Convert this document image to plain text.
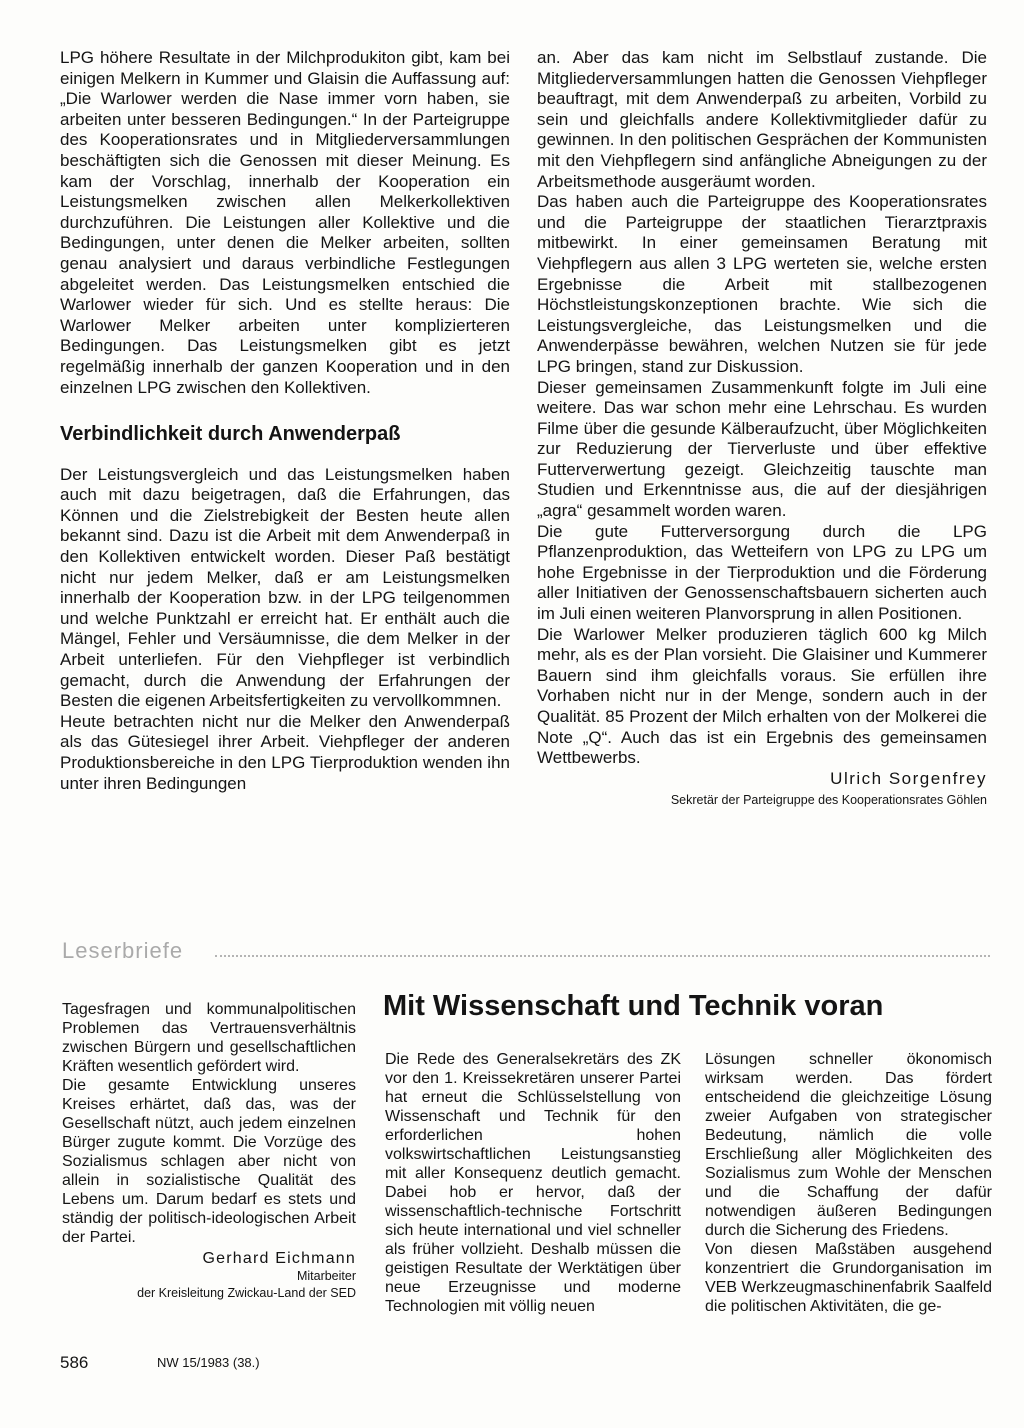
LPG höhere Resultate in der Milchprodukiton gibt, kam bei einigen Melkern in Kummer und Glaisin die Auffassung auf: „Die Warlower werden die Nase immer vorn haben, sie arbeiten unter besseren Bedingungen.“ In der Parteigruppe des Kooperationsrates und in Mitgliederversammlungen beschäftigten sich die Genossen mit dieser Meinung. Es kam der Vorschlag, innerhalb der Kooperation ein Leistungsmelken zwischen allen Melkerkollektiven durchzuführen. Die Leistungen aller Kollektive und die Bedingungen, unter denen die Melker arbeiten, sollten genau analysiert und daraus verbindliche Festlegungen abgeleitet werden. Das Leistungsmelken entschied die Warlower wieder für sich. Und es stellte heraus: Die Warlower Melker arbeiten unter komplizierteren Bedingungen. Das Leistungsmelken gibt es jetzt regelmäßig innerhalb der ganzen Kooperation und in den einzelnen LPG zwischen den Kollektiven.

Verbindlichkeit durch Anwenderpaß

Der Leistungsvergleich und das Leistungsmelken haben auch mit dazu beigetragen, daß die Erfahrungen, das Können und die Zielstrebigkeit der Besten heute allen bekannt sind. Dazu ist die Arbeit mit dem Anwenderpaß in den Kollektiven entwickelt worden. Dieser Paß bestätigt nicht nur jedem Melker, daß er am Leistungsmelken innerhalb der Kooperation bzw. in der LPG teilgenommen und welche Punktzahl er erreicht hat. Er enthält auch die Mängel, Fehler und Versäumnisse, die dem Melker in der Arbeit unterliefen. Für den Viehpfleger ist verbindlich gemacht, durch die Anwendung der Erfahrungen der Besten die eigenen Arbeitsfertigkeiten zu vervollkommnen.

Heute betrachten nicht nur die Melker den Anwenderpaß als das Gütesiegel ihrer Arbeit. Viehpfleger der anderen Produktionsbereiche in den LPG Tierproduktion wenden ihn unter ihren Bedingungen

an. Aber das kam nicht im Selbstlauf zustande. Die Mitgliederversammlungen hatten die Genossen Viehpfleger beauftragt, mit dem Anwenderpaß zu arbeiten, Vorbild zu sein und gleichfalls andere Kollektivmitglieder dafür zu gewinnen. In den politischen Gesprächen der Kommunisten mit den Viehpflegern sind anfängliche Abneigungen zu der Arbeitsmethode ausgeräumt worden.

Das haben auch die Parteigruppe des Kooperationsrates und die Parteigruppe der staatlichen Tierarztpraxis mitbewirkt. In einer gemeinsamen Beratung mit Viehpflegern aus allen 3 LPG werteten sie, welche ersten Ergebnisse die Arbeit mit stallbezogenen Höchstleistungskonzeptionen brachte. Wie sich die Leistungsvergleiche, das Leistungsmelken und die Anwenderpässe bewähren, welchen Nutzen sie für jede LPG bringen, stand zur Diskussion.

Dieser gemeinsamen Zusammenkunft folgte im Juli eine weitere. Das war schon mehr eine Lehrschau. Es wurden Filme über die gesunde Kälberaufzucht, über Möglichkeiten zur Reduzierung der Tierverluste und über effektive Futterverwertung gezeigt. Gleichzeitig tauschte man Studien und Erkenntnisse aus, die auf der diesjährigen „agra“ gesammelt worden waren.

Die gute Futterversorgung durch die LPG Pflanzenproduktion, das Wetteifern von LPG zu LPG um hohe Ergebnisse in der Tierproduktion und die Förderung aller Initiativen der Genossenschaftsbauern sicherten auch im Juli einen weiteren Planvorsprung in allen Positionen.

Die Warlower Melker produzieren täglich 600 kg Milch mehr, als es der Plan vorsieht. Die Glaisiner und Kummerer Bauern sind ihm gleichfalls voraus. Sie erfüllen ihre Vorhaben nicht nur in der Menge, sondern auch in der Qualität. 85 Prozent der Milch erhalten von der Molkerei die Note „Q“. Auch das ist ein Ergebnis des gemeinsamen Wettbewerbs.

Ulrich Sorgenfrey
Sekretär der Parteigruppe des Kooperationsrates Göhlen
Leserbriefe

Tagesfragen und kommunalpolitischen Problemen das Vertrauensverhältnis zwischen Bürgern und gesellschaftlichen Kräften wesentlich gefördert wird.

Die gesamte Entwicklung unseres Kreises erhärtet, daß das, was der Gesellschaft nützt, auch jedem einzelnen Bürger zugute kommt. Die Vorzüge des Sozialismus schlagen aber nicht von allein in sozialistische Qualität des Lebens um. Darum bedarf es stets und ständig der politisch-ideologischen Arbeit der Partei.

Gerhard Eichmann
Mitarbeiter
der Kreisleitung Zwickau-Land der SED
Mit Wissenschaft und Technik voran

Die Rede des Generalsekretärs des ZK vor den 1. Kreissekretären unserer Partei hat erneut die Schlüsselstellung von Wissenschaft und Technik für den erforderlichen hohen volkswirtschaftlichen Leistungsanstieg mit aller Konsequenz deutlich gemacht. Dabei hob er hervor, daß der wissenschaftlich-technische Fortschritt sich heute international und viel schneller als früher vollzieht. Deshalb müssen die geistigen Resultate der Werktätigen über neue Erzeugnisse und moderne Technologien mit völlig neuen

Lösungen schneller ökonomisch wirksam werden. Das fördert entscheidend die gleichzeitige Lösung zweier Aufgaben von strategischer Bedeutung, nämlich die volle Erschließung aller Möglichkeiten des Sozialismus zum Wohle der Menschen und die Schaffung der dafür notwendigen äußeren Bedingungen durch die Sicherung des Friedens.

Von diesen Maßstäben ausgehend konzentriert die Grundorganisation im VEB Werkzeugmaschinenfabrik Saalfeld die politischen Aktivitäten, die ge-

586	NW 15/1983 (38.)
